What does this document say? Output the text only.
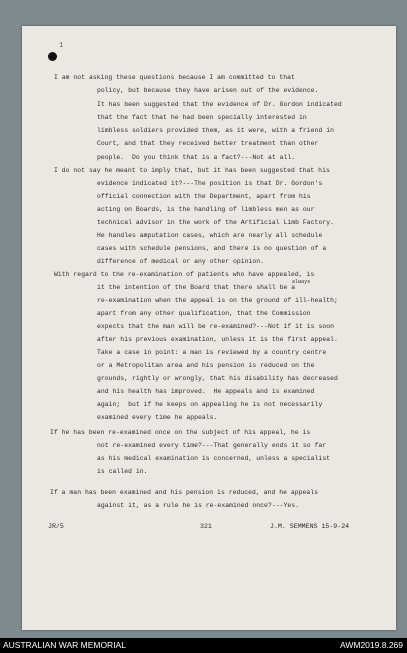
1
I am not asking these questions because I am committed to that
policy, but because they have arisen out of the evidence.
It has been suggested that the evidence of Dr. Gordon indicated
that the fact that he had been specially interested in
limbless soldiers provided them, as it were, with a friend in
Court, and that they received better treatment than other
people.  Do you think that is a fact?---Not at all.
I do not say he meant to imply that, but it has been suggested that his
evidence indicated it?---The position is that Dr. Gordon's
official connection with the Department, apart from his
acting on Boards, is the handling of limbless men as our
technical advisor in the work of the Artificial Limb Factory.
He handles amputation cases, which are nearly all schedule
cases with schedule pensions, and there is no question of a
difference of medical or any other opinion.
With regard to the re-examination of patients who have appealed, is
it the intention of the Board that there shall be a
always
re-examination when the appeal is on the ground of ill-health;
apart from any other qualification, that the Commission
expects that the man will be re-examined?---Not if it is soon
after his previous examination, unless it is the first appeal.
Take a case in point: a man is reviewed by a country centre
or a Metropolitan area and his pension is reduced on the
grounds, rightly or wrongly, that his disability has decreased
and his health has improved.  He appeals and is examined
again;  but if he keeps on appealing he is not necessarily
examined every time he appeals.
If he has been re-examined once on the subject of his appeal, he is
not re-examined every time?---That generally ends it so far
as his medical examination is concerned, unless a specialist
is called in.
If a man has been examined and his pension is reduced, and he appeals
against it, as a rule he is re-examined once?---Yes.
JR/5	321	J.M. SEMMENS 15-9-24
AUSTRALIAN WAR MEMORIAL	AWM2019.8.269
